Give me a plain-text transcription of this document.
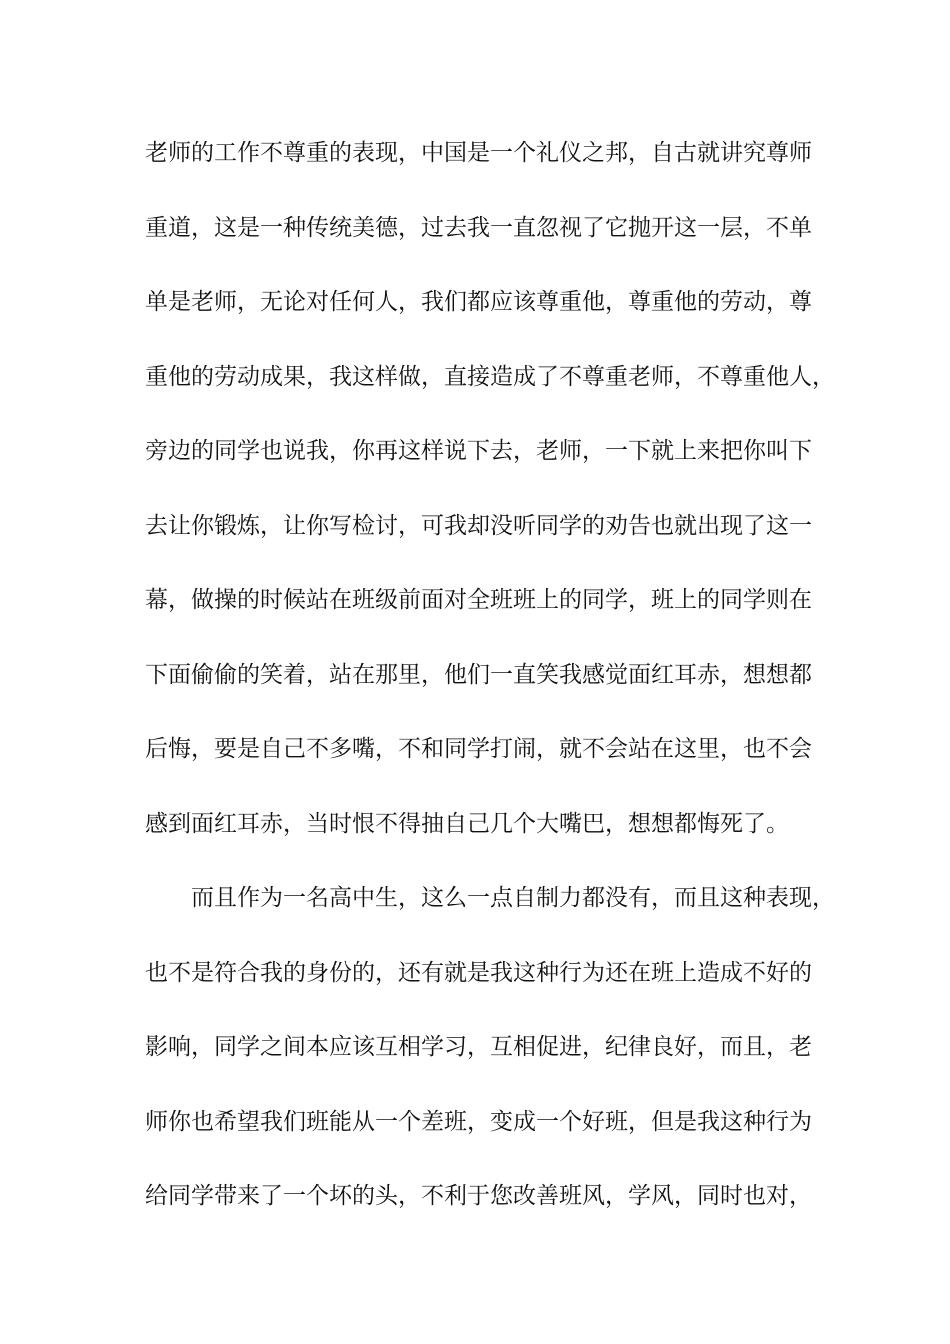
老师的工作不尊重的表现，中国是一个礼仪之邦，自古就讲究尊师
重道，这是一种传统美德，过去我一直忽视了它抛开这一层，不单
单是老师，无论对任何人，我们都应该尊重他，尊重他的劳动，尊
重他的劳动成果，我这样做，直接造成了不尊重老师，不尊重他人，
旁边的同学也说我，你再这样说下去，老师，一下就上来把你叫下
去让你锻炼，让你写检讨，可我却没听同学的劝告也就出现了这一
幕，做操的时候站在班级前面对全班班上的同学，班上的同学则在
下面偷偷的笑着，站在那里，他们一直笑我感觉面红耳赤，想想都
后悔，要是自己不多嘴，不和同学打闹，就不会站在这里，也不会
感到面红耳赤，当时恨不得抽自己几个大嘴巴，想想都悔死了。
而且作为一名高中生，这么一点自制力都没有，而且这种表现，
也不是符合我的身份的，还有就是我这种行为还在班上造成不好的
影响，同学之间本应该互相学习，互相促进，纪律良好，而且，老
师你也希望我们班能从一个差班，变成一个好班，但是我这种行为
给同学带来了一个坏的头，不利于您改善班风，学风，同时也对，
